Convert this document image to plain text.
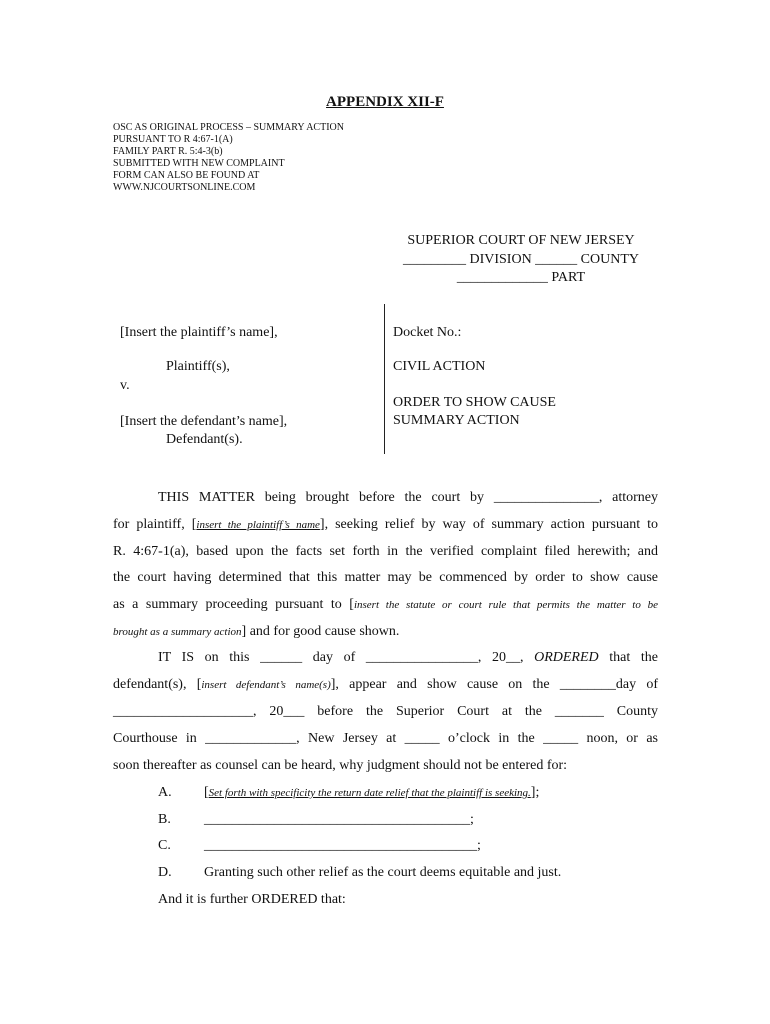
APPENDIX XII-F
OSC AS ORIGINAL PROCESS – SUMMARY ACTION
PURSUANT TO R 4:67-1(A)
FAMILY PART R. 5:4-3(b)
SUBMITTED WITH NEW COMPLAINT
FORM CAN ALSO BE FOUND AT
WWW.NJCOURTSONLINE.COM
SUPERIOR COURT OF NEW JERSEY
_________ DIVISION ______ COUNTY
_____________ PART
[Insert the plaintiff’s name],
Plaintiff(s),
v.
[Insert the defendant’s name],
Defendant(s).
Docket No.:
CIVIL ACTION
ORDER TO SHOW CAUSE
SUMMARY ACTION
THIS MATTER being brought before the court by _______________, attorney
for plaintiff, [insert the plaintiff’s name], seeking relief by way of summary action pursuant to
R. 4:67-1(a), based upon the facts set forth in the verified complaint filed herewith; and
the court having determined that this matter may be commenced by order to show cause
as a summary proceeding pursuant to [insert the statute or court rule that permits the matter to be
brought as a summary action] and for good cause shown.
IT IS on this ______ day of ________________, 20__, ORDERED that the
defendant(s), [insert defendant’s name(s)], appear and show cause on the ________day of
____________________, 20___ before the Superior Court at the _______ County
Courthouse in _____________, New Jersey at _____ o’clock in the _____ noon, or as
soon thereafter as counsel can be heard, why judgment should not be entered for:
A. [Set forth with specificity the return date relief that the plaintiff is seeking.];
B. ______________________________________;
C. _______________________________________;
D. Granting such other relief as the court deems equitable and just.
And it is further ORDERED that:
